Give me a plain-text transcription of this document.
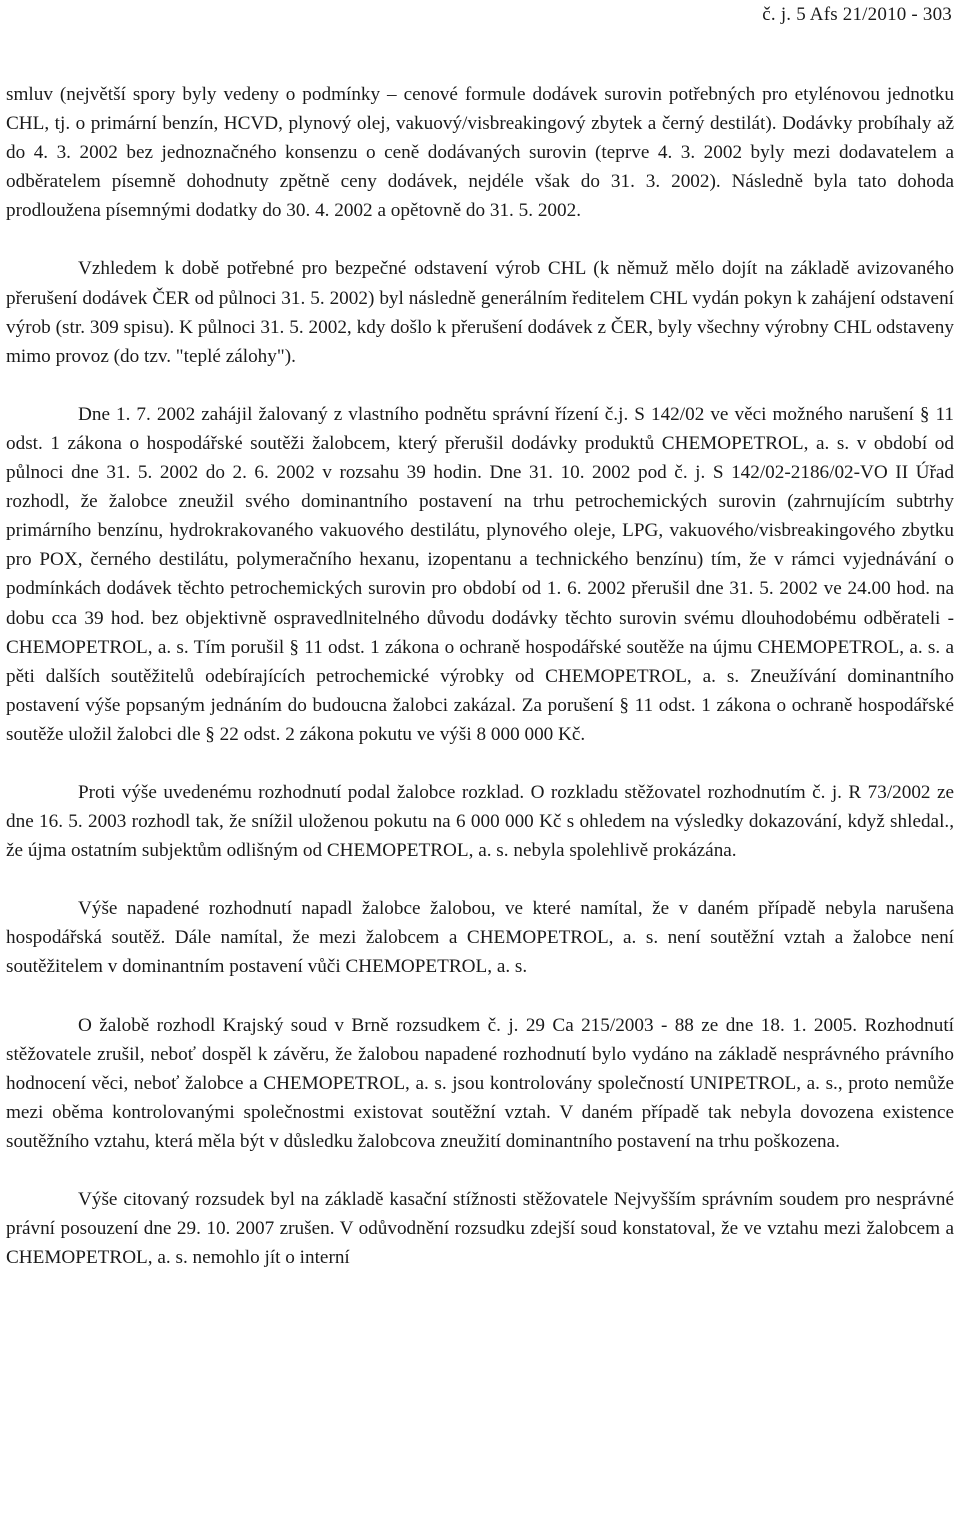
č. j. 5 Afs 21/2010 - 303

smluv (největší spory byly vedeny o podmínky – cenové formule dodávek surovin potřebných pro etylénovou jednotku CHL, tj. o primární benzín, HCVD, plynový olej, vakuový/visbreakingový zbytek a černý destilát). Dodávky probíhaly až do 4. 3. 2002 bez jednoznačného konsenzu o ceně dodávaných surovin (teprve 4. 3. 2002 byly mezi dodavatelem a odběratelem písemně dohodnuty zpětně ceny dodávek, nejdéle však do 31. 3. 2002). Následně byla tato dohoda prodloužena písemnými dodatky do 30. 4. 2002 a opětovně do 31. 5. 2002.

Vzhledem k době potřebné pro bezpečné odstavení výrob CHL (k němuž mělo dojít na základě avizovaného přerušení dodávek ČER od půlnoci 31. 5. 2002) byl následně generálním ředitelem CHL vydán pokyn k zahájení odstavení výrob (str. 309 spisu). K půlnoci 31. 5. 2002, kdy došlo k přerušení dodávek z ČER, byly všechny výrobny CHL odstaveny mimo provoz (do tzv. "teplé zálohy").

Dne 1. 7. 2002 zahájil žalovaný z vlastního podnětu správní řízení č.j. S 142/02 ve věci možného narušení § 11 odst. 1 zákona o hospodářské soutěži žalobcem, který přerušil dodávky produktů CHEMOPETROL, a. s. v období od půlnoci dne 31. 5. 2002 do 2. 6. 2002 v rozsahu 39 hodin. Dne 31. 10. 2002 pod č. j. S 142/02-2186/02-VO II Úřad rozhodl, že žalobce zneužil svého dominantního postavení na trhu petrochemických surovin (zahrnujícím subtrhy primárního benzínu, hydrokrakovaného vakuového destilátu, plynového oleje, LPG, vakuového/visbreakingového zbytku pro POX, černého destilátu, polymeračního hexanu, izopentanu a technického benzínu) tím, že v rámci vyjednávání o podmínkách dodávek těchto petrochemických surovin pro období od 1. 6. 2002 přerušil dne 31. 5. 2002 ve 24.00 hod. na dobu cca 39 hod. bez objektivně ospravedlnitelného důvodu dodávky těchto surovin svému dlouhodobému odběrateli - CHEMOPETROL, a. s. Tím porušil § 11 odst. 1 zákona o ochraně hospodářské soutěže na újmu CHEMOPETROL, a. s. a pěti dalších soutěžitelů odebírajících petrochemické výrobky od CHEMOPETROL, a. s. Zneužívání dominantního postavení výše popsaným jednáním do budoucna žalobci zakázal. Za porušení § 11 odst. 1 zákona o ochraně hospodářské soutěže uložil žalobci dle § 22 odst. 2 zákona pokutu ve výši 8 000 000 Kč.

Proti výše uvedenému rozhodnutí podal žalobce rozklad. O rozkladu stěžovatel rozhodnutím č. j. R 73/2002 ze dne 16. 5. 2003 rozhodl tak, že snížil uloženou pokutu na 6 000 000 Kč s ohledem na výsledky dokazování, když shledal., že újma ostatním subjektům odlišným od CHEMOPETROL, a. s. nebyla spolehlivě prokázána.

Výše napadené rozhodnutí napadl žalobce žalobou, ve které namítal, že v daném případě nebyla narušena hospodářská soutěž. Dále namítal, že mezi žalobcem a CHEMOPETROL, a. s. není soutěžní vztah a žalobce není soutěžitelem v dominantním postavení vůči CHEMOPETROL, a. s.

O žalobě rozhodl Krajský soud v Brně rozsudkem č. j. 29 Ca 215/2003 - 88 ze dne 18. 1. 2005. Rozhodnutí stěžovatele zrušil, neboť dospěl k závěru, že žalobou napadené rozhodnutí bylo vydáno na základě nesprávného právního hodnocení věci, neboť žalobce a CHEMOPETROL, a. s. jsou kontrolovány společností UNIPETROL, a. s., proto nemůže mezi oběma kontrolovanými společnostmi existovat soutěžní vztah. V daném případě tak nebyla dovozena existence soutěžního vztahu, která měla být v důsledku žalobcova zneužití dominantního postavení na trhu poškozena.

Výše citovaný rozsudek byl na základě kasační stížnosti stěžovatele Nejvyšším správním soudem pro nesprávné právní posouzení dne 29. 10. 2007 zrušen. V odůvodnění rozsudku zdejší soud konstatoval, že ve vztahu mezi žalobcem a CHEMOPETROL, a. s. nemohlo jít o interní
